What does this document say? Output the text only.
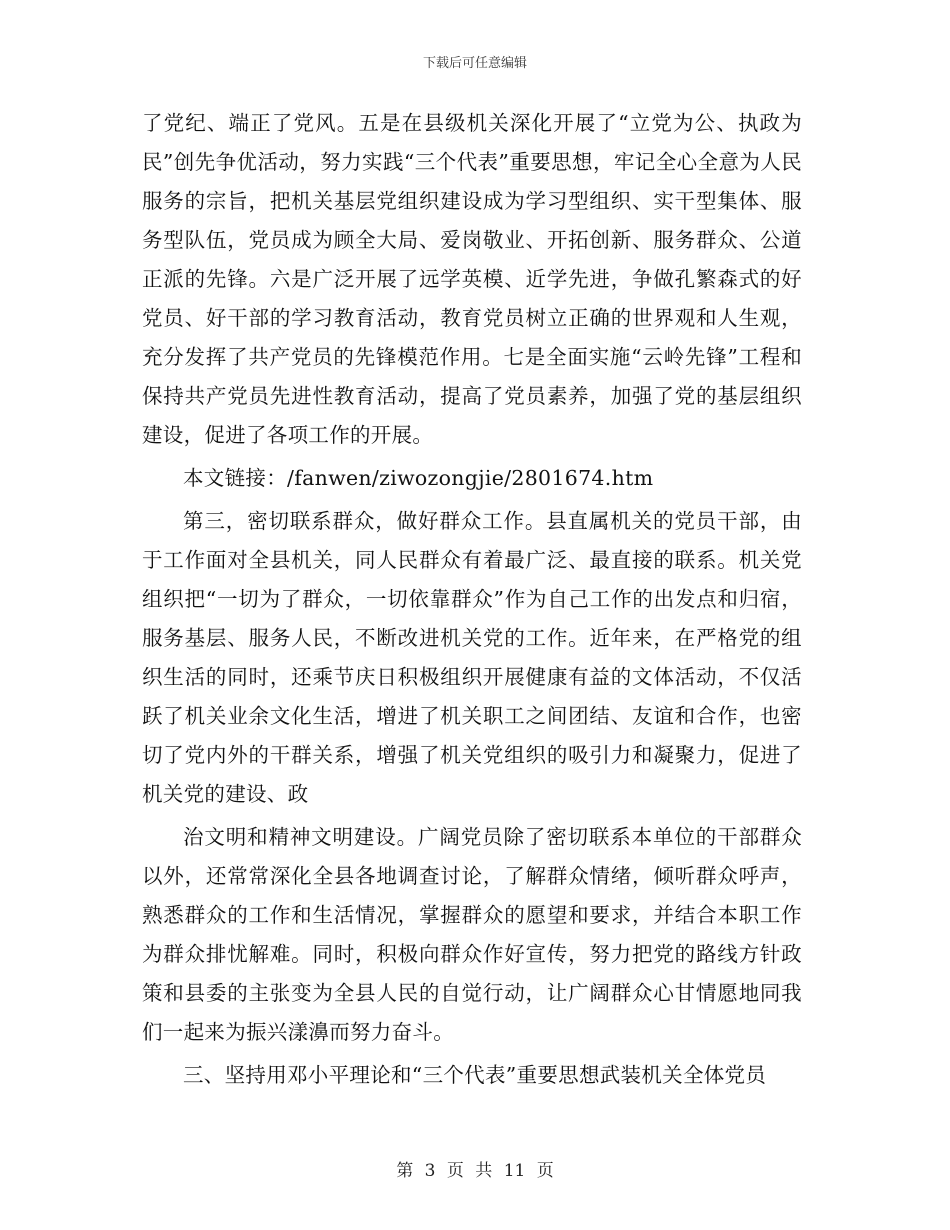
下载后可任意编辑

了党纪、端正了党风。五是在县级机关深化开展了“立党为公、执政为民”创先争优活动，努力实践“三个代表”重要思想，牢记全心全意为人民服务的宗旨，把机关基层党组织建设成为学习型组织、实干型集体、服务型队伍，党员成为顾全大局、爱岗敬业、开拓创新、服务群众、公道正派的先锋。六是广泛开展了远学英模、近学先进，争做孔繁森式的好党员、好干部的学习教育活动，教育党员树立正确的世界观和人生观，充分发挥了共产党员的先锋模范作用。七是全面实施“云岭先锋”工程和保持共产党员先进性教育活动，提高了党员素养，加强了党的基层组织建设，促进了各项工作的开展。

本文链接：/fanwen/ziwozongjie/2801674.htm

第三，密切联系群众，做好群众工作。县直属机关的党员干部，由于工作面对全县机关，同人民群众有着最广泛、最直接的联系。机关党组织把“一切为了群众，一切依靠群众”作为自己工作的出发点和归宿，服务基层、服务人民，不断改进机关党的工作。近年来，在严格党的组织生活的同时，还乘节庆日积极组织开展健康有益的文体活动，不仅活跃了机关业余文化生活，增进了机关职工之间团结、友谊和合作，也密切了党内外的干群关系，增强了机关党组织的吸引力和凝聚力，促进了机关党的建设、政

治文明和精神文明建设。广阔党员除了密切联系本单位的干部群众以外，还常常深化全县各地调查讨论，了解群众情绪，倾听群众呼声，熟悉群众的工作和生活情况，掌握群众的愿望和要求，并结合本职工作为群众排忧解难。同时，积极向群众作好宣传，努力把党的路线方针政策和县委的主张变为全县人民的自觉行动，让广阔群众心甘情愿地同我们一起来为振兴漾濞而努力奋斗。

三、坚持用邓小平理论和“三个代表”重要思想武装机关全体党员

第 3 页 共 11 页
